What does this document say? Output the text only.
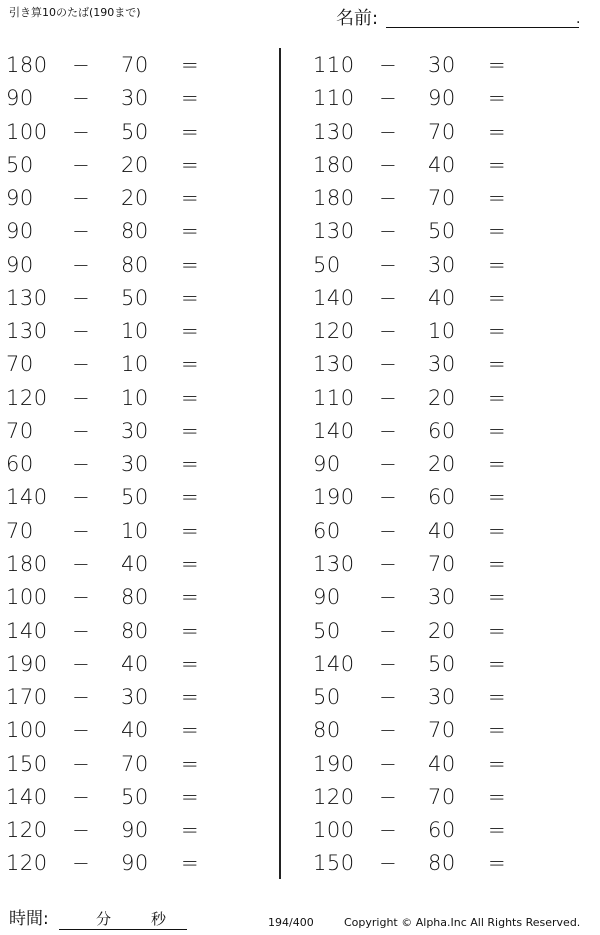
引き算10のたば(190まで)	名前:	.
180 − 70 =
90 − 30 =
100 − 50 =
50 − 20 =
90 − 20 =
90 − 80 =
90 − 80 =
130 − 50 =
130 − 10 =
70 − 10 =
120 − 10 =
70 − 30 =
60 − 30 =
140 − 50 =
70 − 10 =
180 − 40 =
100 − 80 =
140 − 80 =
190 − 40 =
170 − 30 =
100 − 40 =
150 − 70 =
140 − 50 =
120 − 90 =
120 − 90 =
110 − 30 =
110 − 90 =
130 − 70 =
180 − 40 =
180 − 70 =
130 − 50 =
50 − 30 =
140 − 40 =
120 − 10 =
130 − 30 =
110 − 20 =
140 − 60 =
90 − 20 =
190 − 60 =
60 − 40 =
130 − 70 =
90 − 30 =
50 − 20 =
140 − 50 =
50 − 30 =
80 − 70 =
190 − 40 =
120 − 70 =
100 − 60 =
150 − 80 =
時間:	分	秒	194/400	Copyright © Alpha.Inc All Rights Reserved.
